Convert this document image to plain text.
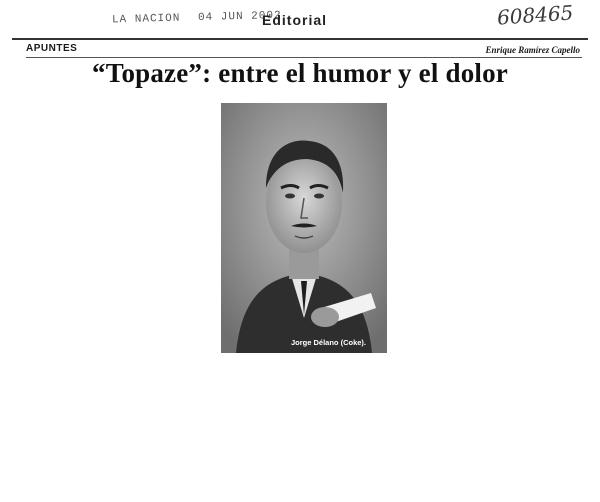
LA NACION 04 JUN 2002
Editorial	608465
APUNTES	Enrique Ramírez Capello
“Topaze”: entre el humor y el dolor
Jorge Délano (Coke).
